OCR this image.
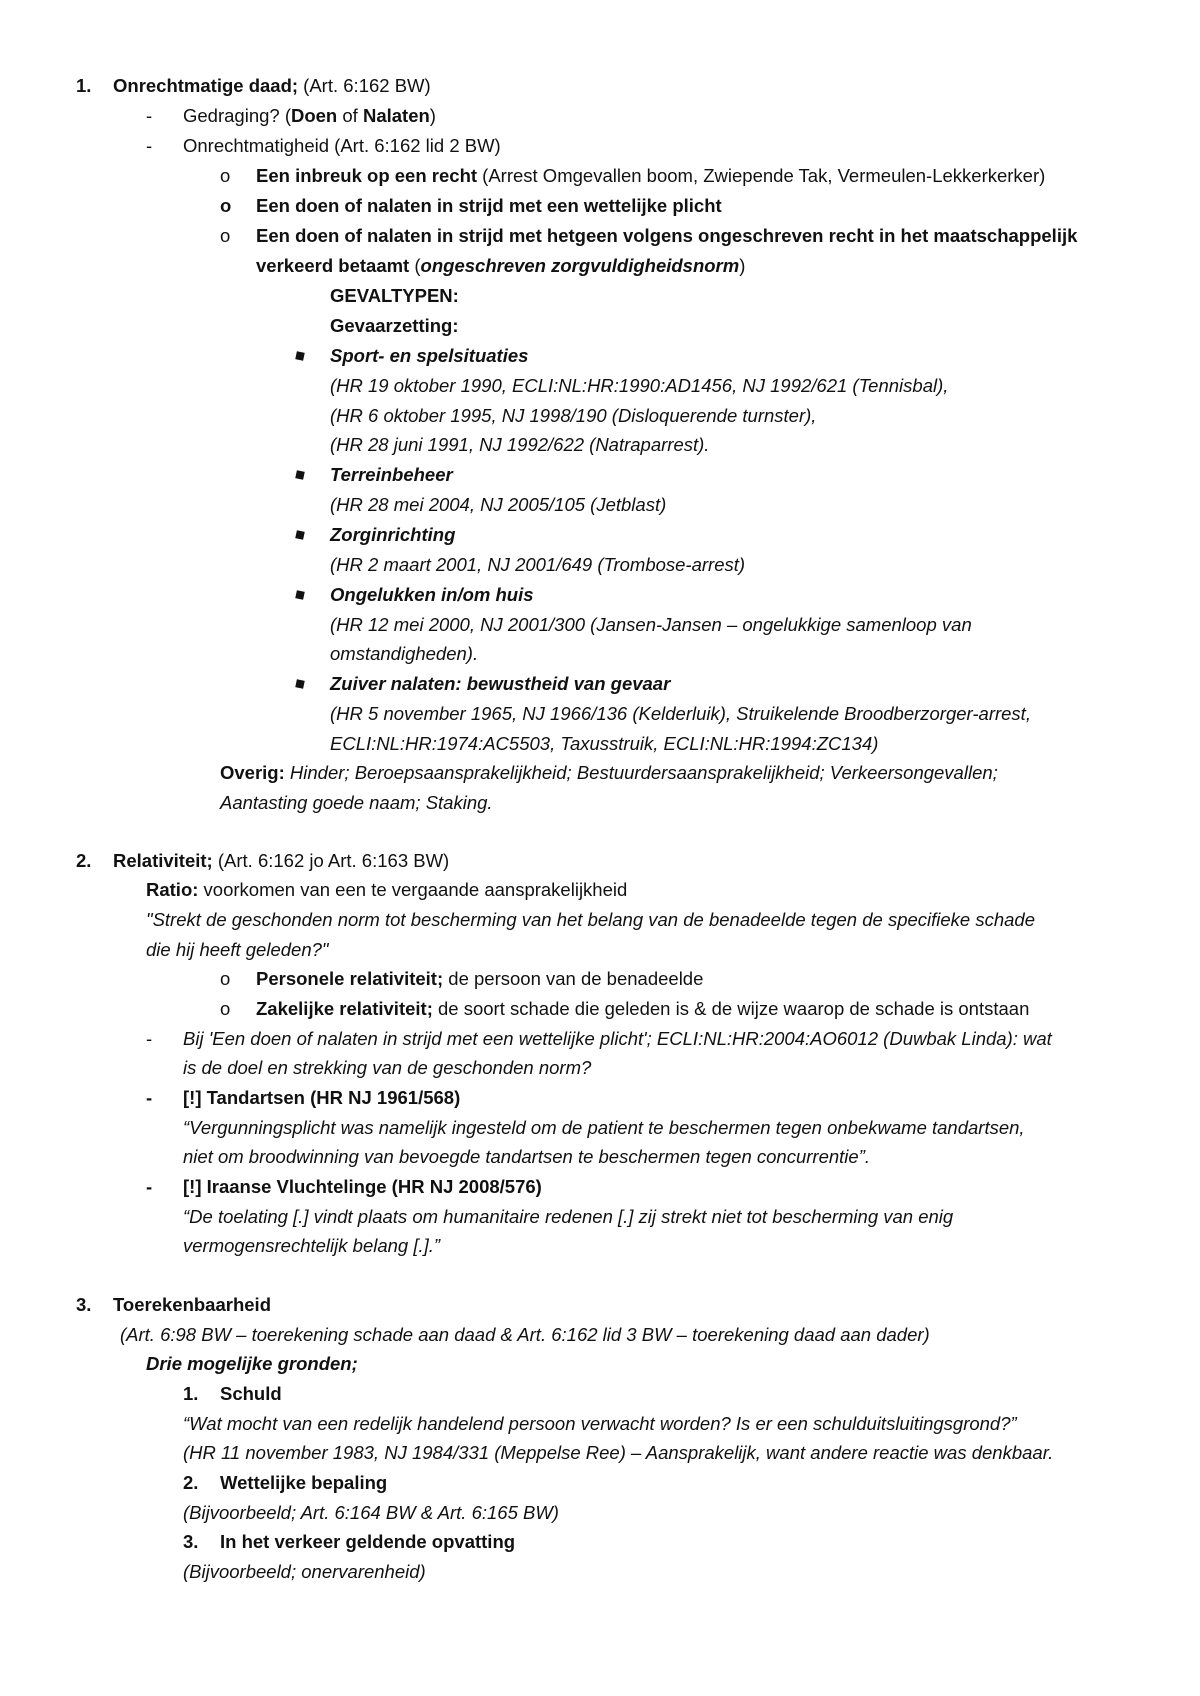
1. Onrechtmatige daad; (Art. 6:162 BW)
- Gedraging? (Doen of Nalaten)
- Onrechtmatigheid (Art. 6:162 lid 2 BW)
o Een inbreuk op een recht (Arrest Omgevallen boom, Zwiepende Tak, Vermeulen-Lekkerkerker)
o Een doen of nalaten in strijd met een wettelijke plicht
o Een doen of nalaten in strijd met hetgeen volgens ongeschreven recht in het maatschappelijk
verkeerd betaamt (ongeschreven zorgvuldigheidsnorm)
GEVALTYPEN:
Gevaarzetting:
Sport- en spelsituaties
(HR 19 oktober 1990, ECLI:NL:HR:1990:AD1456, NJ 1992/621 (Tennisbal),
(HR 6 oktober 1995, NJ 1998/190 (Disloquerende turnster),
(HR 28 juni 1991, NJ 1992/622 (Natraparrest).
Terreinbeheer
(HR 28 mei 2004, NJ 2005/105 (Jetblast)
Zorginrichting
(HR 2 maart 2001, NJ 2001/649 (Trombose-arrest)
Ongelukken in/om huis
(HR 12 mei 2000, NJ 2001/300 (Jansen-Jansen – ongelukkige samenloop van
omstandigheden).
Zuiver nalaten: bewustheid van gevaar
(HR 5 november 1965, NJ 1966/136 (Kelderluik), Struikelende Broodberzorger-arrest,
ECLI:NL:HR:1974:AC5503, Taxusstruik, ECLI:NL:HR:1994:ZC134)
Overig: Hinder; Beroepsaansprakelijkheid; Bestuurdersaansprakelijkheid; Verkeersongevallen;
Aantasting goede naam; Staking.
2. Relativiteit; (Art. 6:162 jo Art. 6:163 BW)
Ratio: voorkomen van een te vergaande aansprakelijkheid
"Strekt de geschonden norm tot bescherming van het belang van de benadeelde tegen de specifieke schade
die hij heeft geleden?"
o Personele relativiteit; de persoon van de benadeelde
o Zakelijke relativiteit; de soort schade die geleden is & de wijze waarop de schade is ontstaan
- Bij 'Een doen of nalaten in strijd met een wettelijke plicht'; ECLI:NL:HR:2004:AO6012 (Duwbak Linda): wat
is de doel en strekking van de geschonden norm?
- [!] Tandartsen (HR NJ 1961/568)
“Vergunningsplicht was namelijk ingesteld om de patient te beschermen tegen onbekwame tandartsen,
niet om broodwinning van bevoegde tandartsen te beschermen tegen concurrentie”.
- [!] Iraanse Vluchtelinge (HR NJ 2008/576)
“De toelating [.] vindt plaats om humanitaire redenen [.] zij strekt niet tot bescherming van enig
vermogensrechtelijk belang [.].”
3. Toerekenbaarheid
(Art. 6:98 BW – toerekening schade aan daad & Art. 6:162 lid 3 BW – toerekening daad aan dader)
Drie mogelijke gronden;
1. Schuld
“Wat mocht van een redelijk handelend persoon verwacht worden? Is er een schulduitsluitingsgrond?”
(HR 11 november 1983, NJ 1984/331 (Meppelse Ree) – Aansprakelijk, want andere reactie was denkbaar.
2. Wettelijke bepaling
(Bijvoorbeeld; Art. 6:164 BW & Art. 6:165 BW)
3. In het verkeer geldende opvatting
(Bijvoorbeeld; onervarenheid)
